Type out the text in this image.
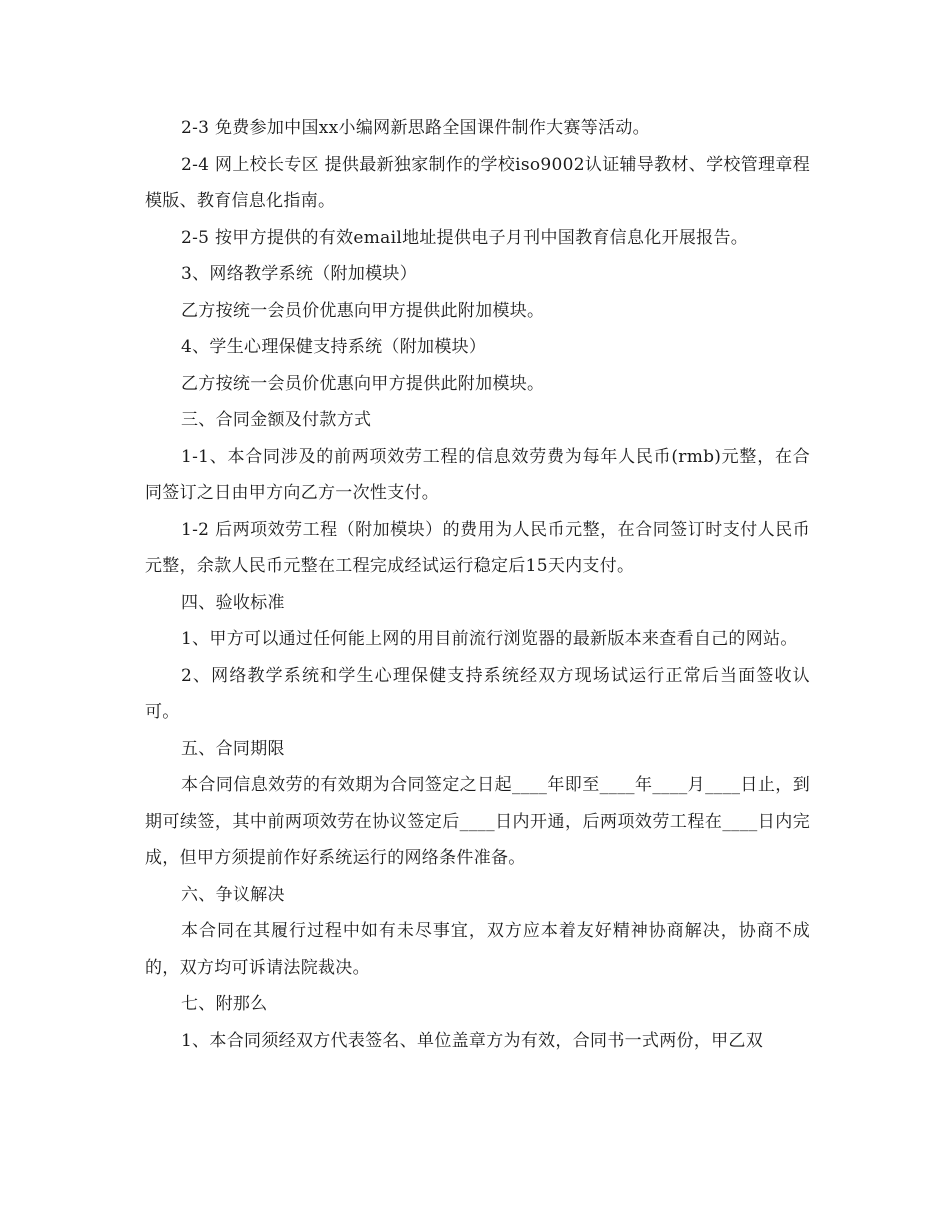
2-3 免费参加中国xx小编网新思路全国课件制作大赛等活动。

2-4 网上校长专区 提供最新独家制作的学校iso9002认证辅导教材、学校管理章程模版、教育信息化指南。

2-5 按甲方提供的有效email地址提供电子月刊中国教育信息化开展报告。

3、网络教学系统（附加模块）

乙方按统一会员价优惠向甲方提供此附加模块。

4、学生心理保健支持系统（附加模块）

乙方按统一会员价优惠向甲方提供此附加模块。

三、合同金额及付款方式

1-1、本合同涉及的前两项效劳工程的信息效劳费为每年人民币(rmb)元整，在合同签订之日由甲方向乙方一次性支付。

1-2 后两项效劳工程（附加模块）的费用为人民币元整，在合同签订时支付人民币元整，余款人民币元整在工程完成经试运行稳定后15天内支付。

四、验收标准

1、甲方可以通过任何能上网的用目前流行浏览器的最新版本来查看自己的网站。

2、网络教学系统和学生心理保健支持系统经双方现场试运行正常后当面签收认可。

五、合同期限

本合同信息效劳的有效期为合同签定之日起____年即至____年____月____日止，到期可续签，其中前两项效劳在协议签定后____日内开通，后两项效劳工程在____日内完成，但甲方须提前作好系统运行的网络条件准备。

六、争议解决

本合同在其履行过程中如有未尽事宜，双方应本着友好精神协商解决，协商不成的，双方均可诉请法院裁决。

七、附那么

1、本合同须经双方代表签名、单位盖章方为有效，合同书一式两份，甲乙双
